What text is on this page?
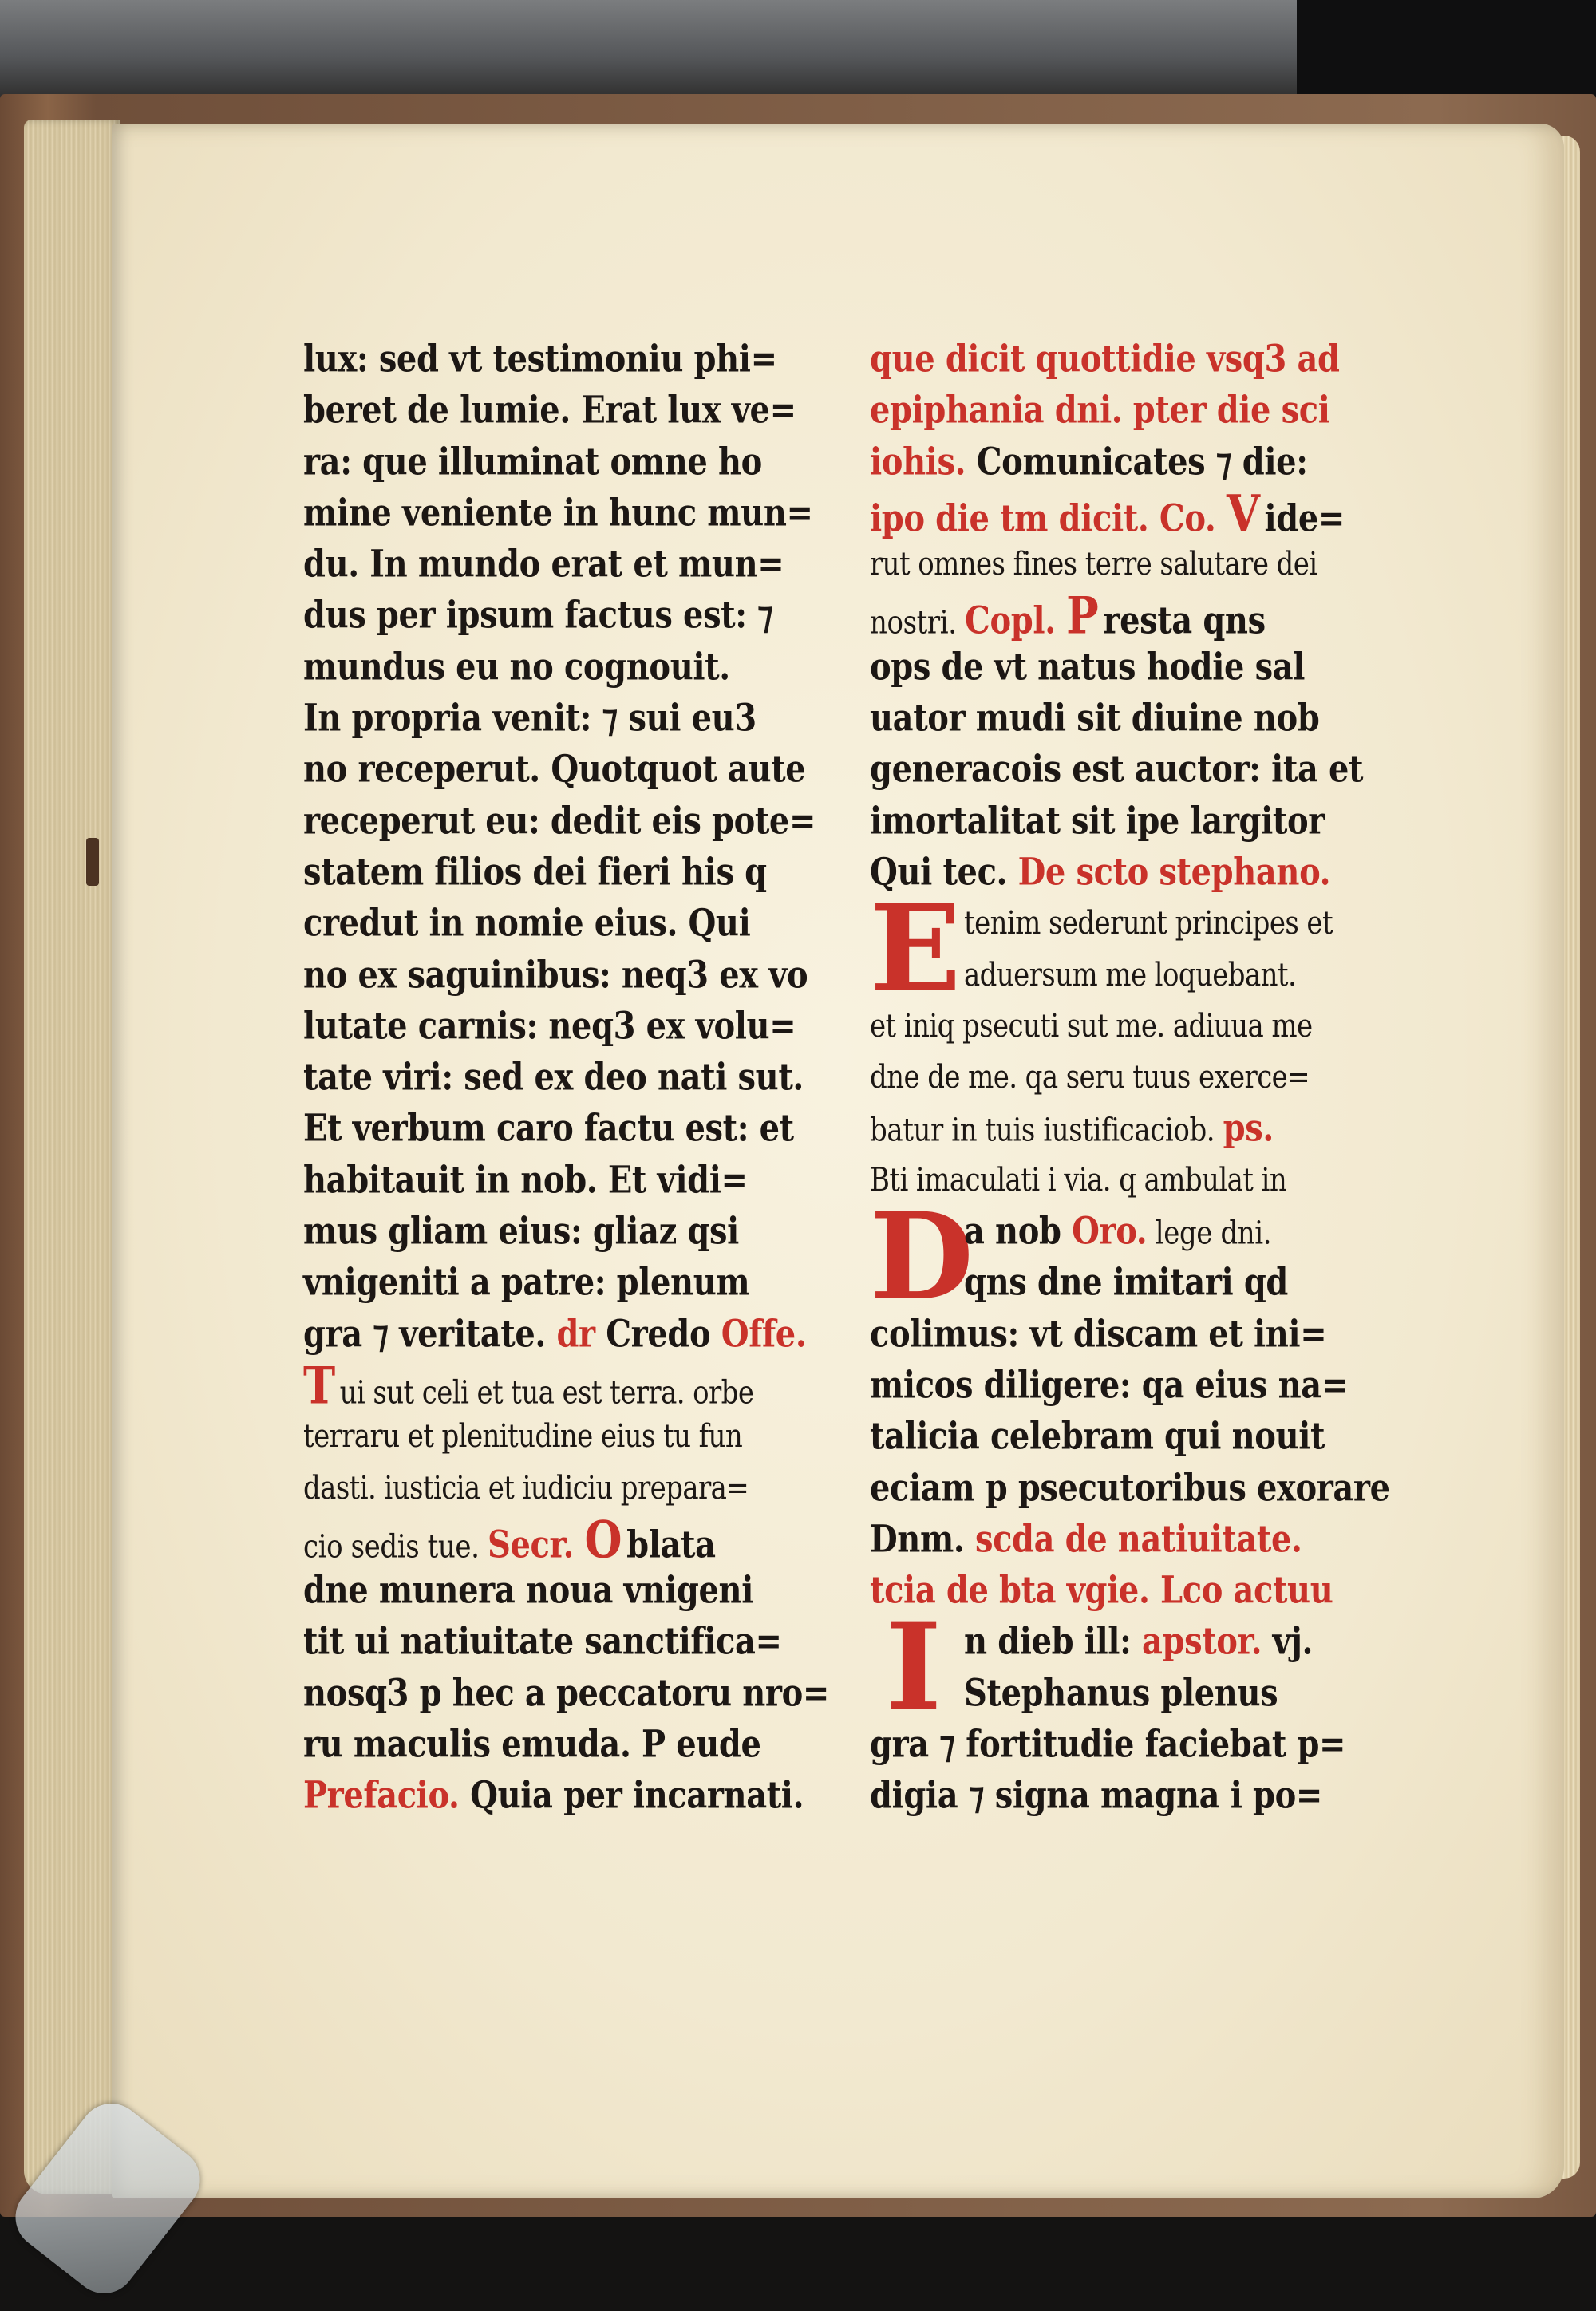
lux: sed vt testimoniu phi=
beret de lumie. Erat lux ve=
ra: que illuminat omne ho
mine veniente in hunc mun=
du. In mundo erat et mun=
dus per ipsum factus est: ⁊
mundus eu no cognouit.
In propria venit: ⁊ sui eu3
no receperut. Quotquot aute
receperut eu: dedit eis pote=
statem filios dei fieri his q
credut in nomie eius. Qui
no ex saguinibus: neq3 ex vo
lutate carnis: neq3 ex volu=
tate viri: sed ex deo nati sut.
Et verbum caro factu est: et
habitauit in nob. Et vidi=
mus gliam eius: gliaz qsi
vnigeniti a patre: plenum
gra ⁊ veritate. dr Credo Offe.
Tui sut celi et tua est terra. orbe
terraru et plenitudine eius tu fun
dasti. iusticia et iudiciu prepara=
cio sedis tue. Secr. O blata
dne munera noua vnigeni
tit ui natiuitate sanctifica=
nosq3 p hec a peccatoru nro=
ru maculis emuda. P eude
Prefacio. Quia per incarnati.
que dicit quottidie vsq3 ad
epiphania dni. pter die sci
iohis. Comunicates ⁊ die:
ipo die tm dicit. Co. V ide=
rut omnes fines terre salutare dei
nostri. Copl. P resta qns
ops de vt natus hodie sal
uator mudi sit diuine nob
generacois est auctor: ita et
imortalitat sit ipe largitor
Qui tec. De scto stephano.
E tenim sederunt principes et
aduersum me loquebant.
et iniq psecuti sut me. adiuua me
dne de me. qa seru tuus exerce=
batur in tuis iustificaciob. ps.
Bti imaculati i via. q ambulat in
D
a nob Oro. lege dni.
qns dne imitari qd
colimus: vt discam et ini=
micos diligere: qa eius na=
talicia celebram qui nouit
eciam p psecutoribus exorare
Dnm. scda de natiuitate.
tcia de bta vgie. Lco actuu
I n dieb ill: apstor. vj.
Stephanus plenus
gra ⁊ fortitudie faciebat p=
digia ⁊ signa magna i po=
